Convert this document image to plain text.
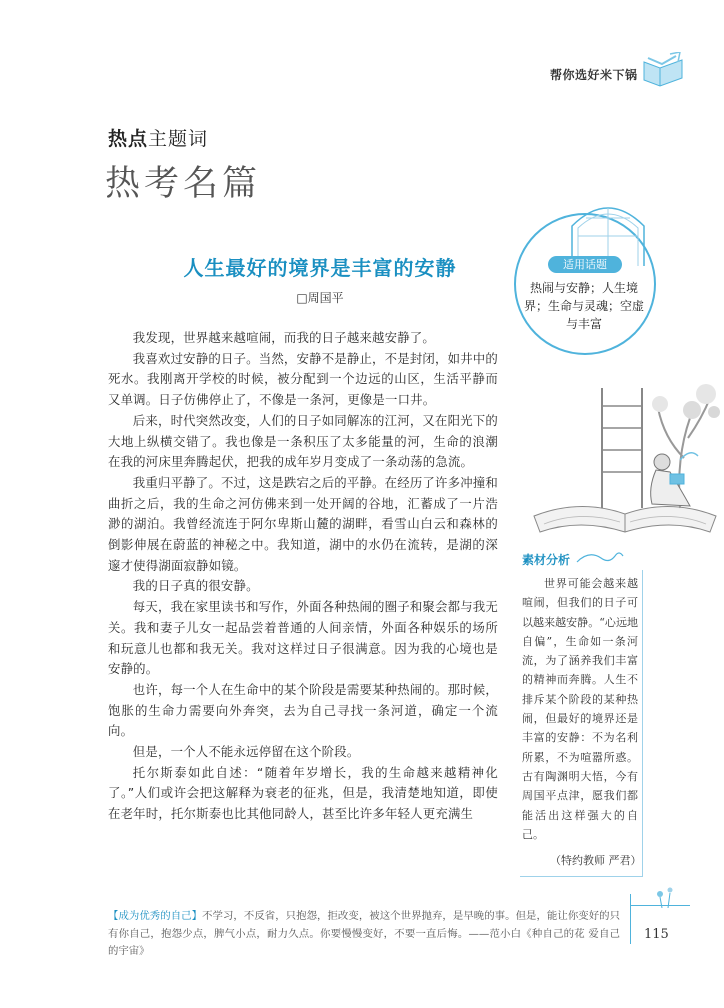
帮你选好米下锅
热点主题词
热考名篇
人生最好的境界是丰富的安静
□周国平
适用话题
热闹与安静；人生境界；生命与灵魂；空虚与丰富

我发现，世界越来越喧闹，而我的日子越来越安静了。

我喜欢过安静的日子。当然，安静不是静止，不是封闭，如井中的死水。我刚离开学校的时候，被分配到一个边远的山区，生活平静而又单调。日子仿佛停止了，不像是一条河，更像是一口井。

后来，时代突然改变，人们的日子如同解冻的江河，又在阳光下的大地上纵横交错了。我也像是一条积压了太多能量的河，生命的浪潮在我的河床里奔腾起伏，把我的成年岁月变成了一条动荡的急流。

我重归平静了。不过，这是跌宕之后的平静。在经历了许多冲撞和曲折之后，我的生命之河仿佛来到一处开阔的谷地，汇蓄成了一片浩渺的湖泊。我曾经流连于阿尔卑斯山麓的湖畔，看雪山白云和森林的倒影伸展在蔚蓝的神秘之中。我知道，湖中的水仍在流转，是湖的深邃才使得湖面寂静如镜。

我的日子真的很安静。

每天，我在家里读书和写作，外面各种热闹的圈子和聚会都与我无关。我和妻子儿女一起品尝着普通的人间亲情，外面各种娱乐的场所和玩意儿也都和我无关。我对这样过日子很满意。因为我的心境也是安静的。

也许，每一个人在生命中的某个阶段是需要某种热闹的。那时候，饱胀的生命力需要向外奔突，去为自己寻找一条河道，确定一个流向。

但是，一个人不能永远停留在这个阶段。

托尔斯泰如此自述：“随着年岁增长，我的生命越来越精神化了。”人们或许会把这解释为衰老的征兆，但是，我清楚地知道，即使在老年时，托尔斯泰也比其他同龄人，甚至比许多年轻人更充满生

素材分析
世界可能会越来越喧闹，但我们的日子可以越来越安静。“心远地自偏”，生命如一条河流，为了涵养我们丰富的精神而奔腾。人生不排斥某个阶段的某种热闹，但最好的境界还是丰富的安静：不为名利所累，不为喧嚣所惑。古有陶渊明大悟，今有周国平点津，愿我们都能活出这样强大的自己。
（特约教师 严君）
【成为优秀的自己】不学习，不反省，只抱怨，拒改变，被这个世界抛弃，是早晚的事。但是，能让你变好的只有你自己，抱怨少点，脾气小点，耐力久点。你要慢慢变好，不要一直后悔。——范小白《种自己的花 爱自己的宇宙》
115
